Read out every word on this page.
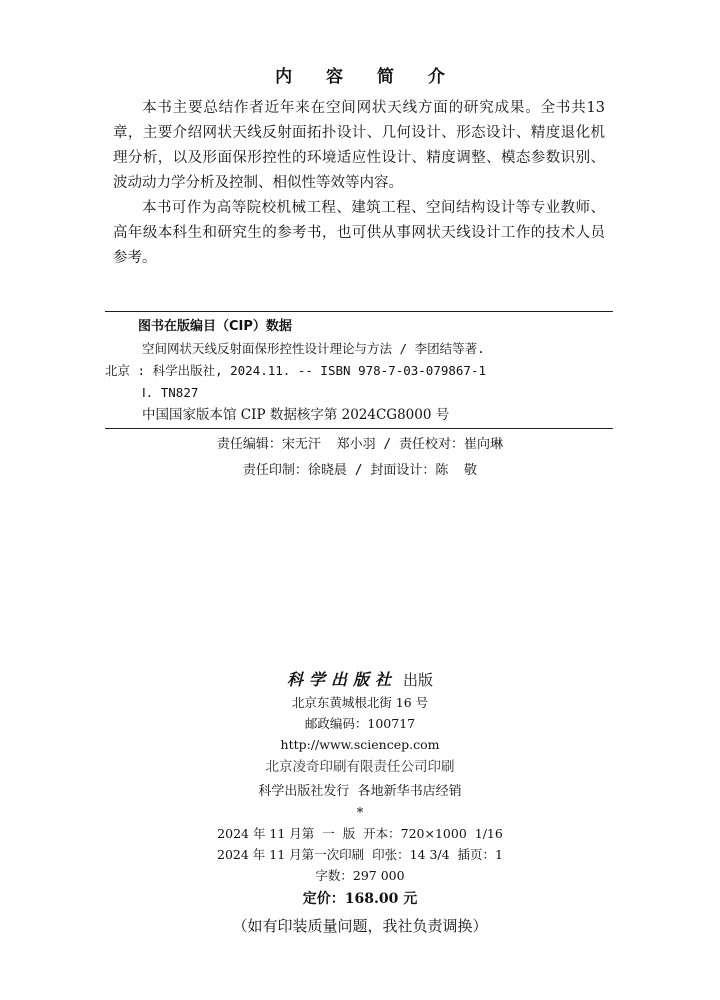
内 容 简 介

本书主要总结作者近年来在空间网状天线方面的研究成果。全书共13章，主要介绍网状天线反射面拓扑设计、几何设计、形态设计、精度退化机理分析，以及形面保形控性的环境适应性设计、精度调整、模态参数识别、波动动力学分析及控制、相似性等效等内容。

本书可作为高等院校机械工程、建筑工程、空间结构设计等专业教师、高年级本科生和研究生的参考书，也可供从事网状天线设计工作的技术人员参考。

图书在版编目（CIP）数据
空间网状天线反射面保形控性设计理论与方法 / 李团结等著.
北京 : 科学出版社, 2024.11. -- ISBN 978-7-03-079867-1
Ⅰ. TN827
中国国家版本馆 CIP 数据核字第 2024CG8000 号
责任编辑：宋无汗  郑小羽 / 责任校对：崔向琳
责任印制：徐晓晨 / 封面设计：陈  敬
科学出版社 出版
北京东黄城根北街 16 号
邮政编码：100717
http://www.sciencep.com
北京凌奇印刷有限责任公司印刷
科学出版社发行  各地新华书店经销
*
2024 年 11 月第  一  版  开本：720×1000  1/16
2024 年 11 月第一次印刷  印张：14 3/4  插页：1
字数：297 000
定价：168.00 元
（如有印装质量问题，我社负责调换）
